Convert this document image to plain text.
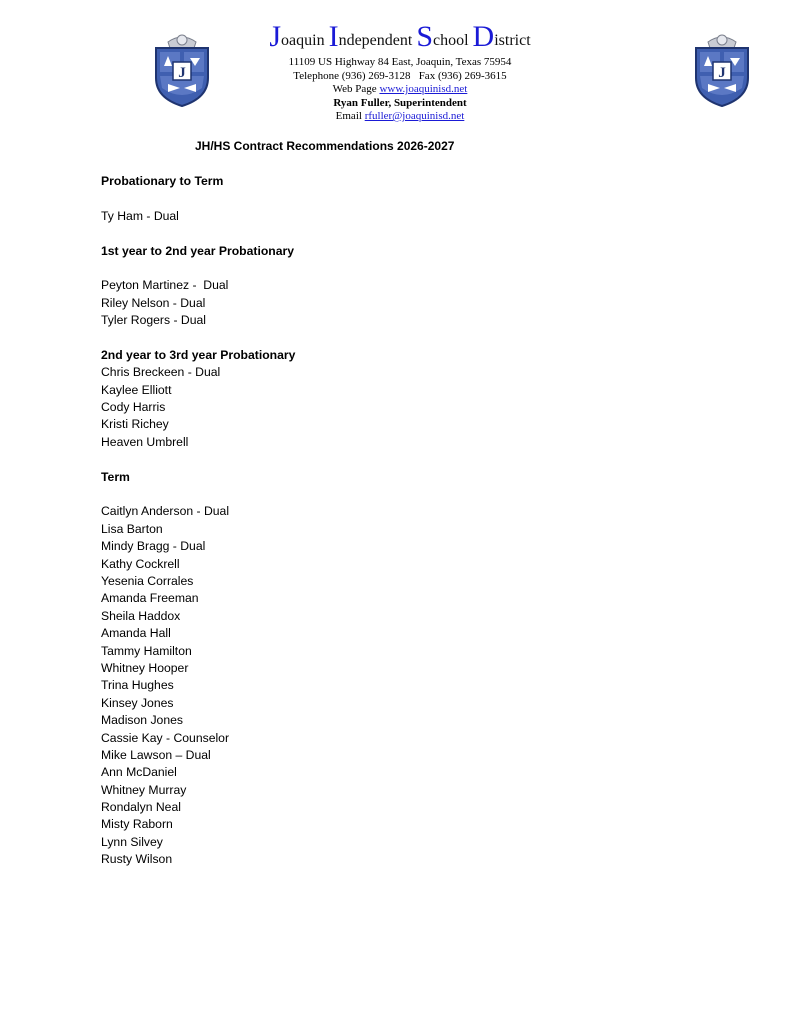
J	J
Joaquin Independent School District
11109 US Highway 84 East, Joaquin, Texas 75954
Telephone (936) 269-3128   Fax (936) 269-3615
Web Page www.joaquinisd.net
Ryan Fuller, Superintendent
Email rfuller@joaquinisd.net
JH/HS Contract Recommendations 2026-2027
Probationary to Term
Ty Ham - Dual
1st year to 2nd year Probationary
Peyton Martinez -  Dual
Riley Nelson - Dual
Tyler Rogers - Dual
2nd year to 3rd year Probationary
Chris Breckeen - Dual
Kaylee Elliott
Cody Harris
Kristi Richey
Heaven Umbrell
Term
Caitlyn Anderson - Dual
Lisa Barton
Mindy Bragg - Dual
Kathy Cockrell
Yesenia Corrales
Amanda Freeman
Sheila Haddox
Amanda Hall
Tammy Hamilton
Whitney Hooper
Trina Hughes
Kinsey Jones
Madison Jones
Cassie Kay - Counselor
Mike Lawson – Dual
Ann McDaniel
Whitney Murray
Rondalyn Neal
Misty Raborn
Lynn Silvey
Rusty Wilson
